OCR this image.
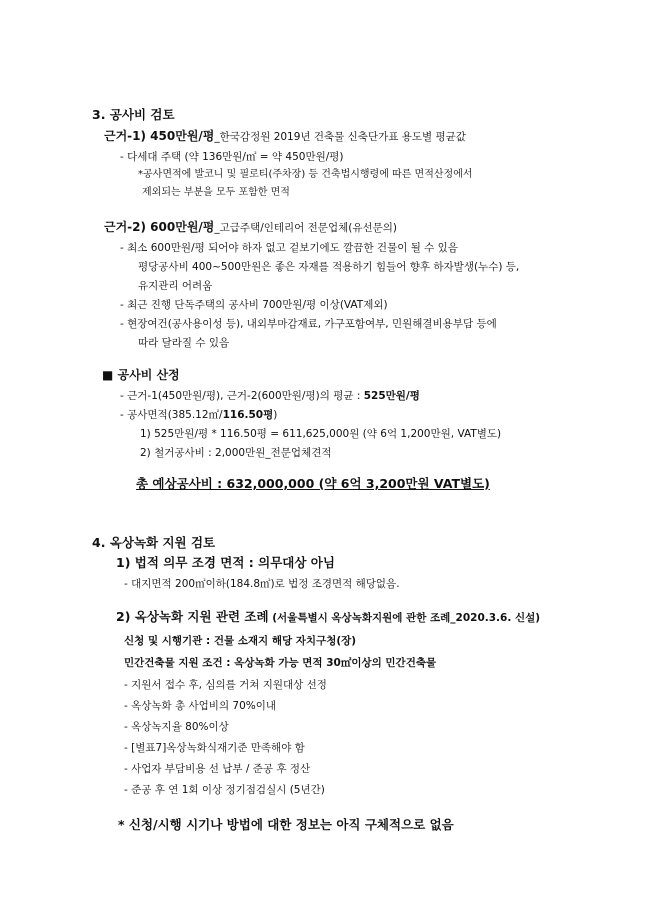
3. 공사비 검토
근거-1) 450만원/평_한국감정원 2019년 건축물 신축단가표 용도별 평균값
- 다세대 주택 (약 136만원/㎡ = 약 450만원/평)
*공사면적에 발코니 및 필로티(주차장) 등 건축법시행령에 따른 면적산정에서
제외되는 부분을 모두 포함한 면적
근거-2) 600만원/평_고급주택/인테리어 전문업체(유선문의)
- 최소 600만원/평 되어야 하자 없고 겉보기에도 깔끔한 건물이 될 수 있음
평당공사비 400~500만원은 좋은 자재를 적용하기 힘들어 향후 하자발생(누수) 등,
유지관리 어려움
- 최근 진행 단독주택의 공사비 700만원/평 이상(VAT제외)
- 현장여건(공사용이성 등), 내외부마감재료, 가구포함여부, 민원해결비용부담 등에
따라 달라질 수 있음
■ 공사비 산정
- 근거-1(450만원/평), 근거-2(600만원/평)의 평균 : 525만원/평
- 공사면적(385.12㎡/116.50평)
1) 525만원/평 * 116.50평 = 611,625,000원 (약 6억 1,200만원, VAT별도)
2) 철거공사비 : 2,000만원_전문업체견적
총 예상공사비 : 632,000,000 (약 6억 3,200만원 VAT별도)
4. 옥상녹화 지원 검토
1) 법적 의무 조경 면적 : 의무대상 아님
- 대지면적 200㎡이하(184.8㎡)로 법정 조경면적 해당없음.
2) 옥상녹화 지원 관련 조례 (서울특별시 옥상녹화지원에 관한 조례_2020.3.6. 신설)
신청 및 시행기관 : 건물 소재지 해당 자치구청(장)
민간건축물 지원 조건 : 옥상녹화 가능 면적 30㎡이상의 민간건축물
- 지원서 접수 후, 심의를 거쳐 지원대상 선정
- 옥상녹화 총 사업비의 70%이내
- 옥상녹지율 80%이상
- [별표7]옥상녹화식재기준 만족해야 함
- 사업자 부담비용 선 납부 / 준공 후 정산
- 준공 후 연 1회 이상 정기점검실시 (5년간)
* 신청/시행 시기나 방법에 대한 정보는 아직 구체적으로 없음
